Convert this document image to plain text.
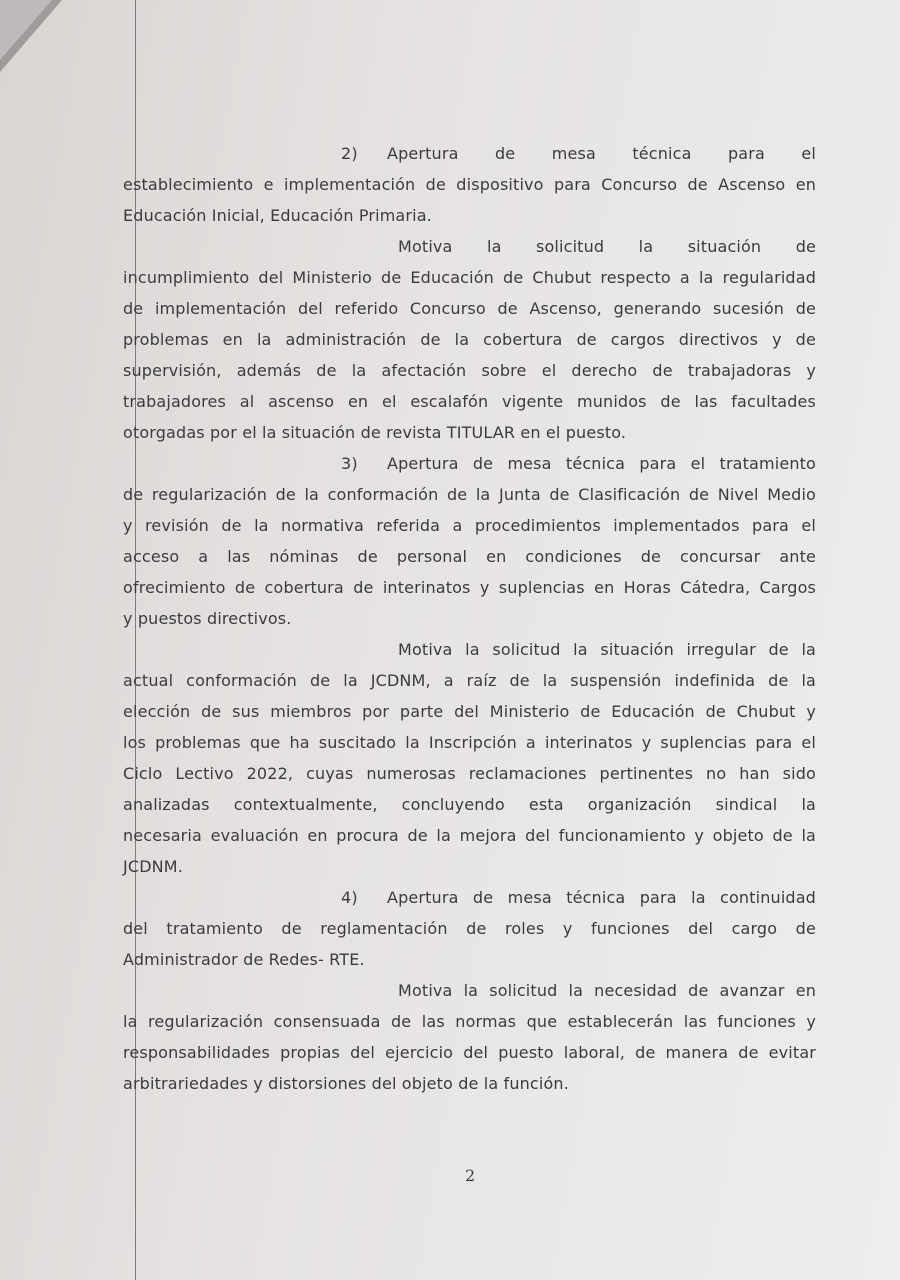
2)	Apertura de mesa técnica para el
establecimiento e implementación de dispositivo para Concurso de Ascenso en
Educación Inicial, Educación Primaria.
Motiva la solicitud la situación de
incumplimiento del Ministerio de Educación de Chubut respecto a la regularidad
de implementación del referido Concurso de Ascenso, generando sucesión de
problemas en la administración de la cobertura de cargos directivos y de
supervisión, además de la afectación sobre el derecho de trabajadoras y
trabajadores al ascenso en el escalafón vigente munidos de las facultades
otorgadas por el la situación de revista TITULAR en el puesto.
3)	Apertura de mesa técnica para el tratamiento
de regularización de la conformación de la Junta de Clasificación de Nivel Medio
y revisión de la normativa referida a procedimientos implementados para el
acceso a las nóminas de personal en condiciones de concursar ante
ofrecimiento de cobertura de interinatos y suplencias en Horas Cátedra, Cargos
y puestos directivos.
Motiva la solicitud la situación irregular de la
actual conformación de la JCDNM, a raíz de la suspensión indefinida de la
elección de sus miembros por parte del Ministerio de Educación de Chubut y
los problemas que ha suscitado la Inscripción a interinatos y suplencias para el
Ciclo Lectivo 2022, cuyas numerosas reclamaciones pertinentes no han sido
analizadas contextualmente, concluyendo esta organización sindical la
necesaria evaluación en procura de la mejora del funcionamiento y objeto de la
JCDNM.
4)	Apertura de mesa técnica para la continuidad
del tratamiento de reglamentación de roles y funciones del cargo de
Administrador de Redes- RTE.
Motiva la solicitud la necesidad de avanzar en
la regularización consensuada de las normas que establecerán las funciones y
responsabilidades propias del ejercicio del puesto laboral, de manera de evitar
arbitrariedades y distorsiones del objeto de la función.
2
